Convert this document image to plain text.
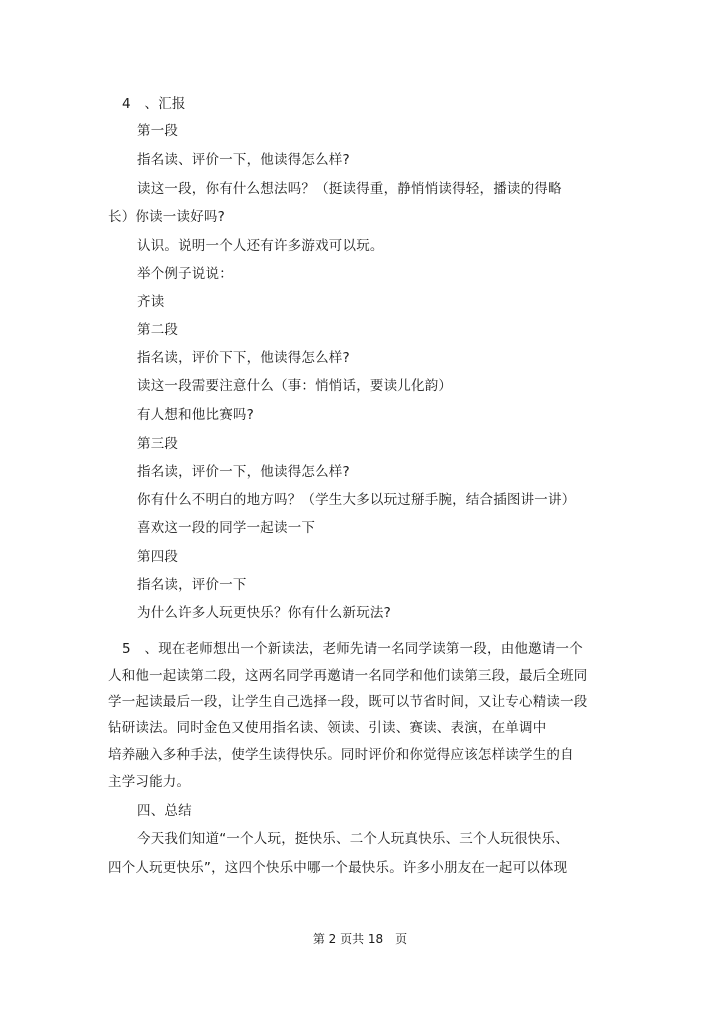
4　、汇报
第一段
指名读、评价一下，他读得怎么样?
读这一段，你有什么想法吗？（挺读得重，静悄悄读得轻，播读的得略
长）你读一读好吗?
认识。说明一个人还有许多游戏可以玩。
举个例子说说：
齐读
第二段
指名读，评价下下，他读得怎么样?
读这一段需要注意什么（事：悄悄话，要读儿化韵）
有人想和他比赛吗?
第三段
指名读，评价一下，他读得怎么样?
你有什么不明白的地方吗？（学生大多以玩过掰手腕，结合插图讲一讲）
喜欢这一段的同学一起读一下
第四段
指名读，评价一下
为什么许多人玩更快乐？你有什么新玩法?
5　、现在老师想出一个新读法，老师先请一名同学读第一段，由他邀请一个
人和他一起读第二段，这两名同学再邀请一名同学和他们读第三段，最后全班同
学一起读最后一段，让学生自己选择一段，既可以节省时间，又让专心精读一段
钻研读法。同时金色又使用指名读、领读、引读、赛读、表演，在单调中
培养融入多种手法，使学生读得快乐。同时评价和你觉得应该怎样读学生的自
主学习能力。
四、总结
今天我们知道“一个人玩，挺快乐、二个人玩真快乐、三个人玩很快乐、
四个人玩更快乐”，这四个快乐中哪一个最快乐。许多小朋友在一起可以体现
第 2 页共 18　页
